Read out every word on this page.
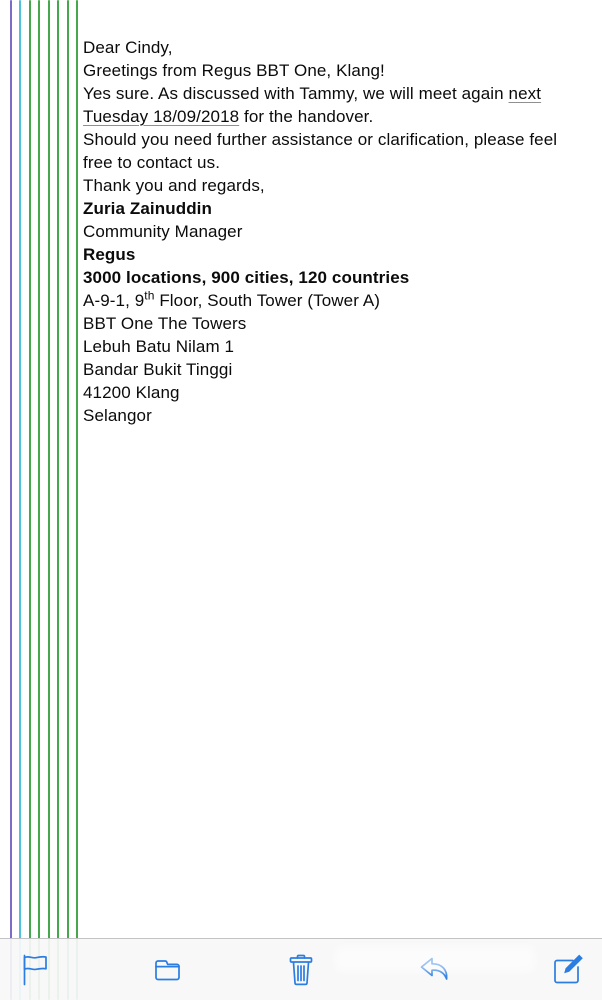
Dear Cindy,

Greetings from Regus BBT One, Klang!

Yes sure. As discussed with Tammy, we will meet again next Tuesday 18/09/2018 for the handover.

Should you need further assistance or clarification, please feel free to contact us.

Thank you and regards,

Zuria Zainuddin
Community Manager

Regus

3000 locations, 900 cities, 120 countries

A-9-1, 9th Floor, South Tower (Tower A)

BBT One The Towers

Lebuh Batu Nilam 1
Bandar Bukit Tinggi

41200 Klang
Selangor
